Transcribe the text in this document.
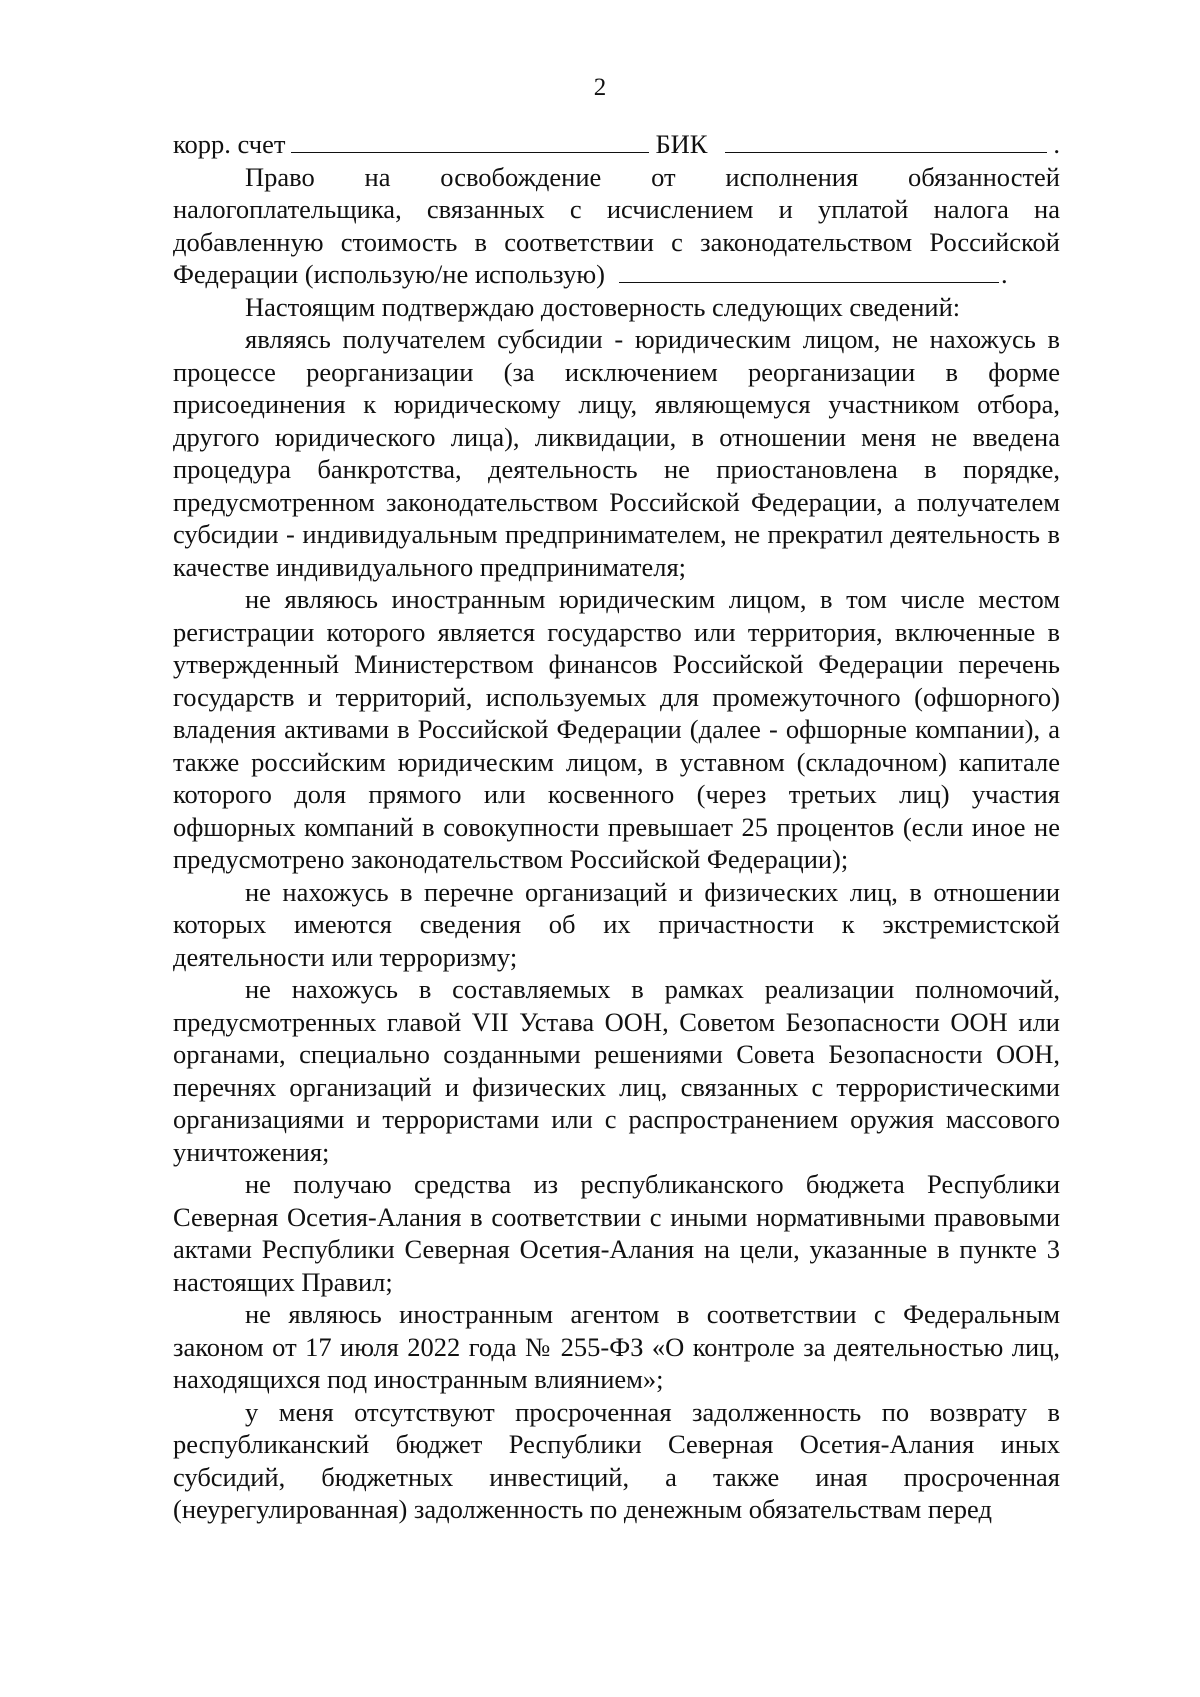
2
корр. счет	БИК	.

Право на освобождение от исполнения обязанностей налогоплательщика, связанных с исчислением и уплатой налога на добавленную стоимость в соответствии с законодательством Российской Федерации (использую/не использую)	.

Настоящим подтверждаю достоверность следующих сведений:

являясь получателем субсидии - юридическим лицом, не нахожусь в процессе реорганизации (за исключением реорганизации в форме присоединения к юридическому лицу, являющемуся участником отбора, другого юридического лица), ликвидации, в отношении меня не введена процедура банкротства, деятельность не приостановлена в порядке, предусмотренном законодательством Российской Федерации, а получателем субсидии - индивидуальным предпринимателем, не прекратил деятельность в качестве индивидуального предпринимателя;

не являюсь иностранным юридическим лицом, в том числе местом регистрации которого является государство или территория, включенные в утвержденный Министерством финансов Российской Федерации перечень государств и территорий, используемых для промежуточного (офшорного) владения активами в Российской Федерации (далее - офшорные компании), а также российским юридическим лицом, в уставном (складочном) капитале которого доля прямого или косвенного (через третьих лиц) участия офшорных компаний в совокупности превышает 25 процентов (если иное не предусмотрено законодательством Российской Федерации);

не нахожусь в перечне организаций и физических лиц, в отношении которых имеются сведения об их причастности к экстремистской деятельности или терроризму;

не нахожусь в составляемых в рамках реализации полномочий, предусмотренных главой VII Устава ООН, Советом Безопасности ООН или органами, специально созданными решениями Совета Безопасности ООН, перечнях организаций и физических лиц, связанных с террористическими организациями и террористами или с распространением оружия массового уничтожения;

не получаю средства из республиканского бюджета Республики Северная Осетия-Алания в соответствии с иными нормативными правовыми актами Республики Северная Осетия-Алания на цели, указанные в пункте 3 настоящих Правил;

не являюсь иностранным агентом в соответствии с Федеральным законом от 17 июля 2022 года № 255-ФЗ «О контроле за деятельностью лиц, находящихся под иностранным влиянием»;

у меня отсутствуют просроченная задолженность по возврату в республиканский бюджет Республики Северная Осетия-Алания иных субсидий, бюджетных инвестиций, а также иная просроченная (неурегулированная) задолженность по денежным обязательствам перед
